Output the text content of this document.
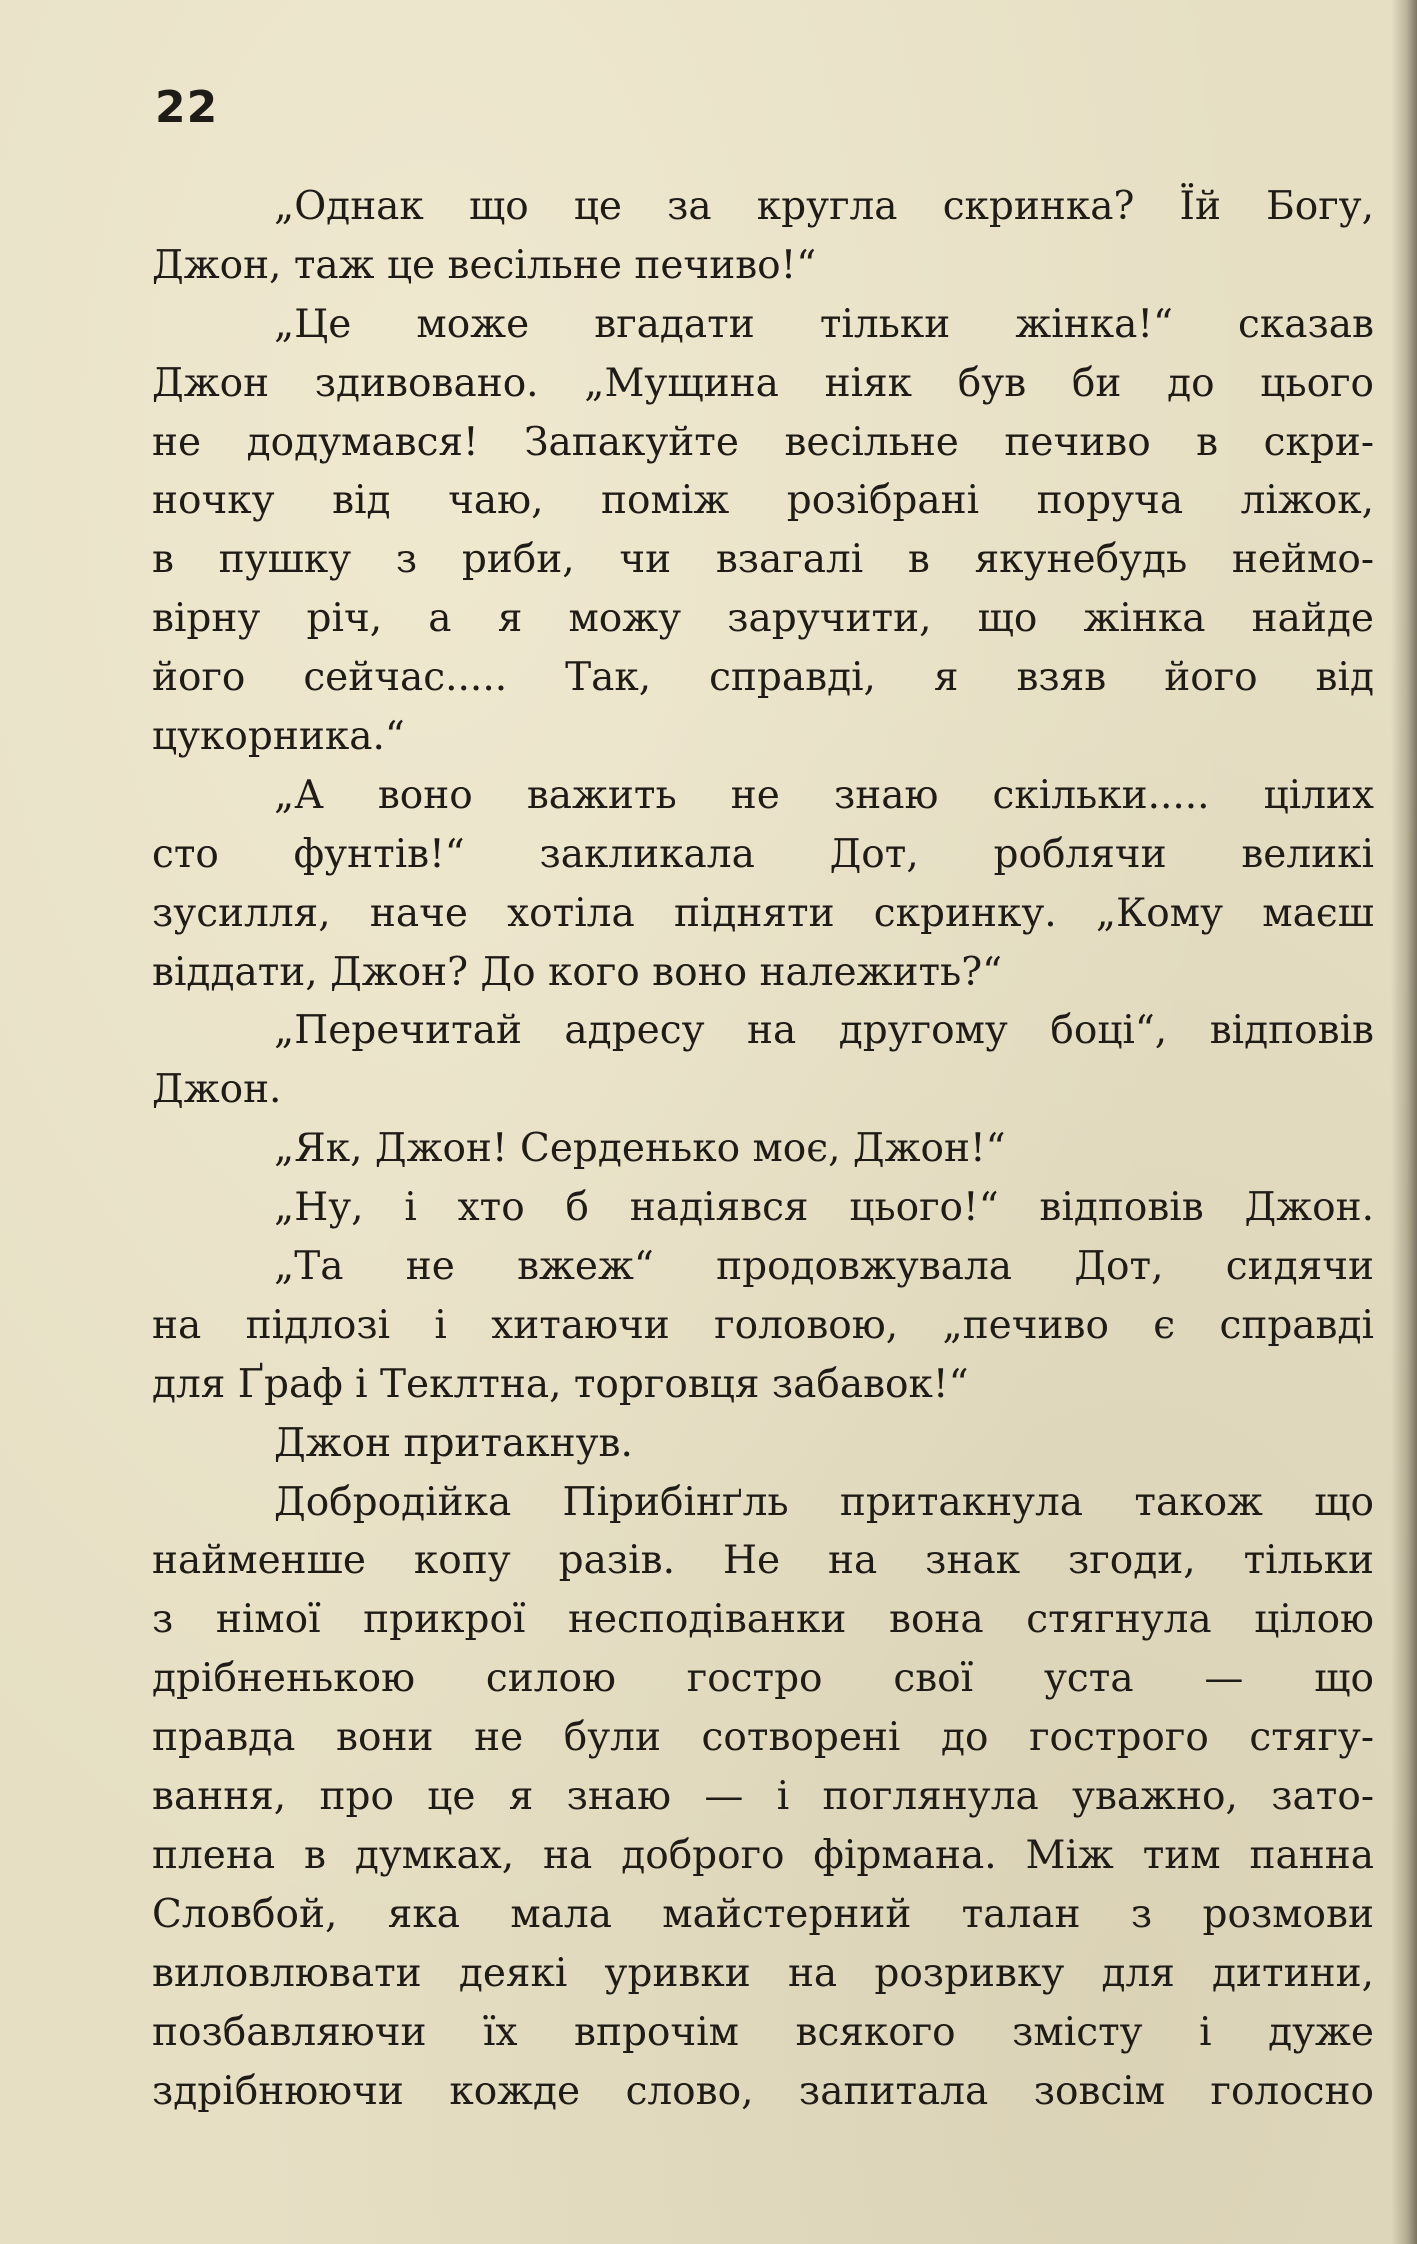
22
„Однак що це за кругла скринка? Їй Богу,
Джон, таж це весільне печиво!“
„Це може вгадати тільки жінка!“ сказав
Джон здивовано. „Мущина ніяк був би до цього
не додумався! Запакуйте весільне печиво в скри-
ночку від чаю, поміж розібрані поруча ліжок,
в пушку з риби, чи взагалі в якунебудь неймо-
вірну річ, а я можу заручити, що жінка найде
його сейчас..... Так, справді, я взяв його від
цукорника.“
„А воно важить не знаю скільки..... цілих
сто фунтів!“ закликала Дот, роблячи великі
зусилля, наче хотіла підняти скринку. „Кому маєш
віддати, Джон? До кого воно належить?“
„Перечитай адресу на другому боці“, відповів
Джон.
„Як, Джон! Серденько моє, Джон!“
„Ну, і хто б надіявся цього!“ відповів Джон.
„Та не вжеж“ продовжувала Дот, сидячи
на підлозі і хитаючи головою, „печиво є справді
для Ґраф і Теклтна, торговця забавок!“
Джон притакнув.
Добродійка Пірибінґль притакнула також що
найменше копу разів. Не на знак згоди, тільки
з німої прикрої несподіванки вона стягнула цілою
дрібненькою силою гостро свої уста — що
правда вони не були сотворені до гострого стягу-
вання, про це я знаю — і поглянула уважно, зато-
плена в думках, на доброго фірмана. Між тим панна
Словбой, яка мала майстерний талан з розмови
виловлювати деякі уривки на розривку для дитини,
позбавляючи їх впрочім всякого змісту і дуже
здрібнюючи кожде слово, запитала зовсім голосно
